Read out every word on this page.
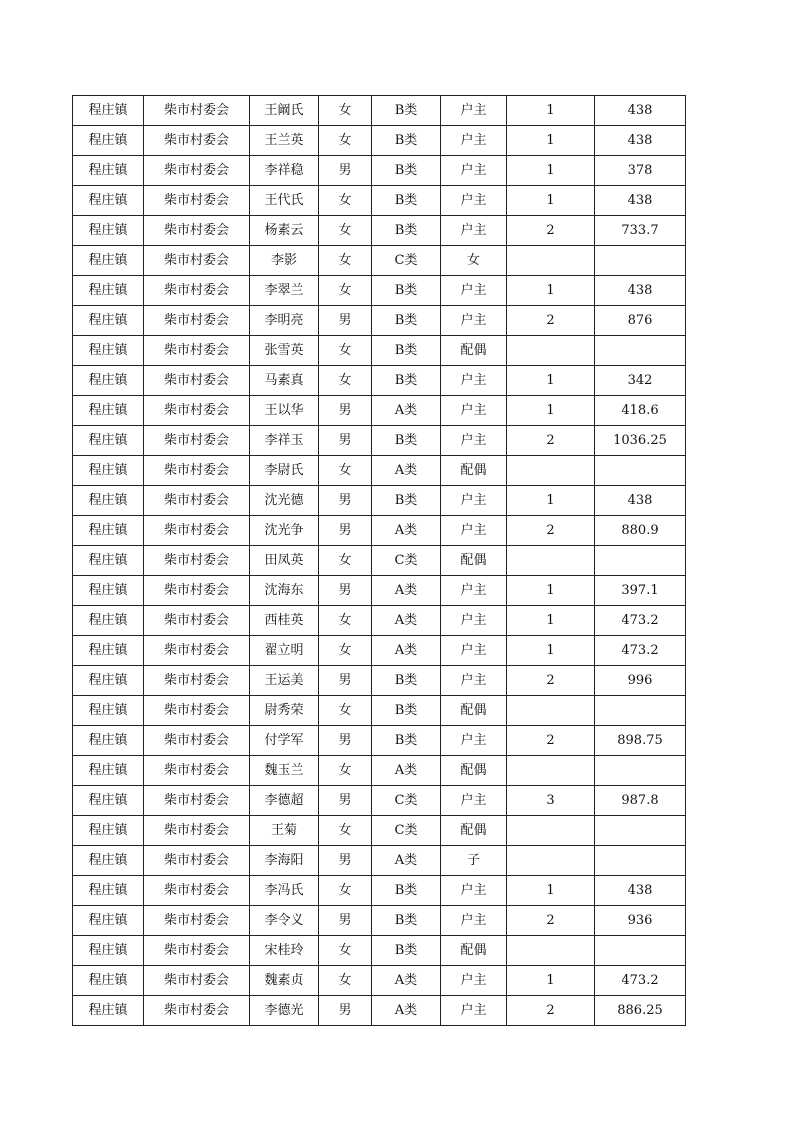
程庄镇	柴市村委会	王阚氏	女	B类	户主	1	438
程庄镇	柴市村委会	王兰英	女	B类	户主	1	438
程庄镇	柴市村委会	李祥稳	男	B类	户主	1	378
程庄镇	柴市村委会	王代氏	女	B类	户主	1	438
程庄镇	柴市村委会	杨素云	女	B类	户主	2	733.7
程庄镇	柴市村委会	李影	女	C类	女		
程庄镇	柴市村委会	李翠兰	女	B类	户主	1	438
程庄镇	柴市村委会	李明亮	男	B类	户主	2	876
程庄镇	柴市村委会	张雪英	女	B类	配偶		
程庄镇	柴市村委会	马素真	女	B类	户主	1	342
程庄镇	柴市村委会	王以华	男	A类	户主	1	418.6
程庄镇	柴市村委会	李祥玉	男	B类	户主	2	1036.25
程庄镇	柴市村委会	李尉氏	女	A类	配偶		
程庄镇	柴市村委会	沈光德	男	B类	户主	1	438
程庄镇	柴市村委会	沈光争	男	A类	户主	2	880.9
程庄镇	柴市村委会	田凤英	女	C类	配偶		
程庄镇	柴市村委会	沈海东	男	A类	户主	1	397.1
程庄镇	柴市村委会	西桂英	女	A类	户主	1	473.2
程庄镇	柴市村委会	翟立明	女	A类	户主	1	473.2
程庄镇	柴市村委会	王运美	男	B类	户主	2	996
程庄镇	柴市村委会	尉秀荣	女	B类	配偶		
程庄镇	柴市村委会	付学军	男	B类	户主	2	898.75
程庄镇	柴市村委会	魏玉兰	女	A类	配偶		
程庄镇	柴市村委会	李德超	男	C类	户主	3	987.8
程庄镇	柴市村委会	王菊	女	C类	配偶		
程庄镇	柴市村委会	李海阳	男	A类	子		
程庄镇	柴市村委会	李冯氏	女	B类	户主	1	438
程庄镇	柴市村委会	李令义	男	B类	户主	2	936
程庄镇	柴市村委会	宋桂玲	女	B类	配偶		
程庄镇	柴市村委会	魏素贞	女	A类	户主	1	473.2
程庄镇	柴市村委会	李德光	男	A类	户主	2	886.25
